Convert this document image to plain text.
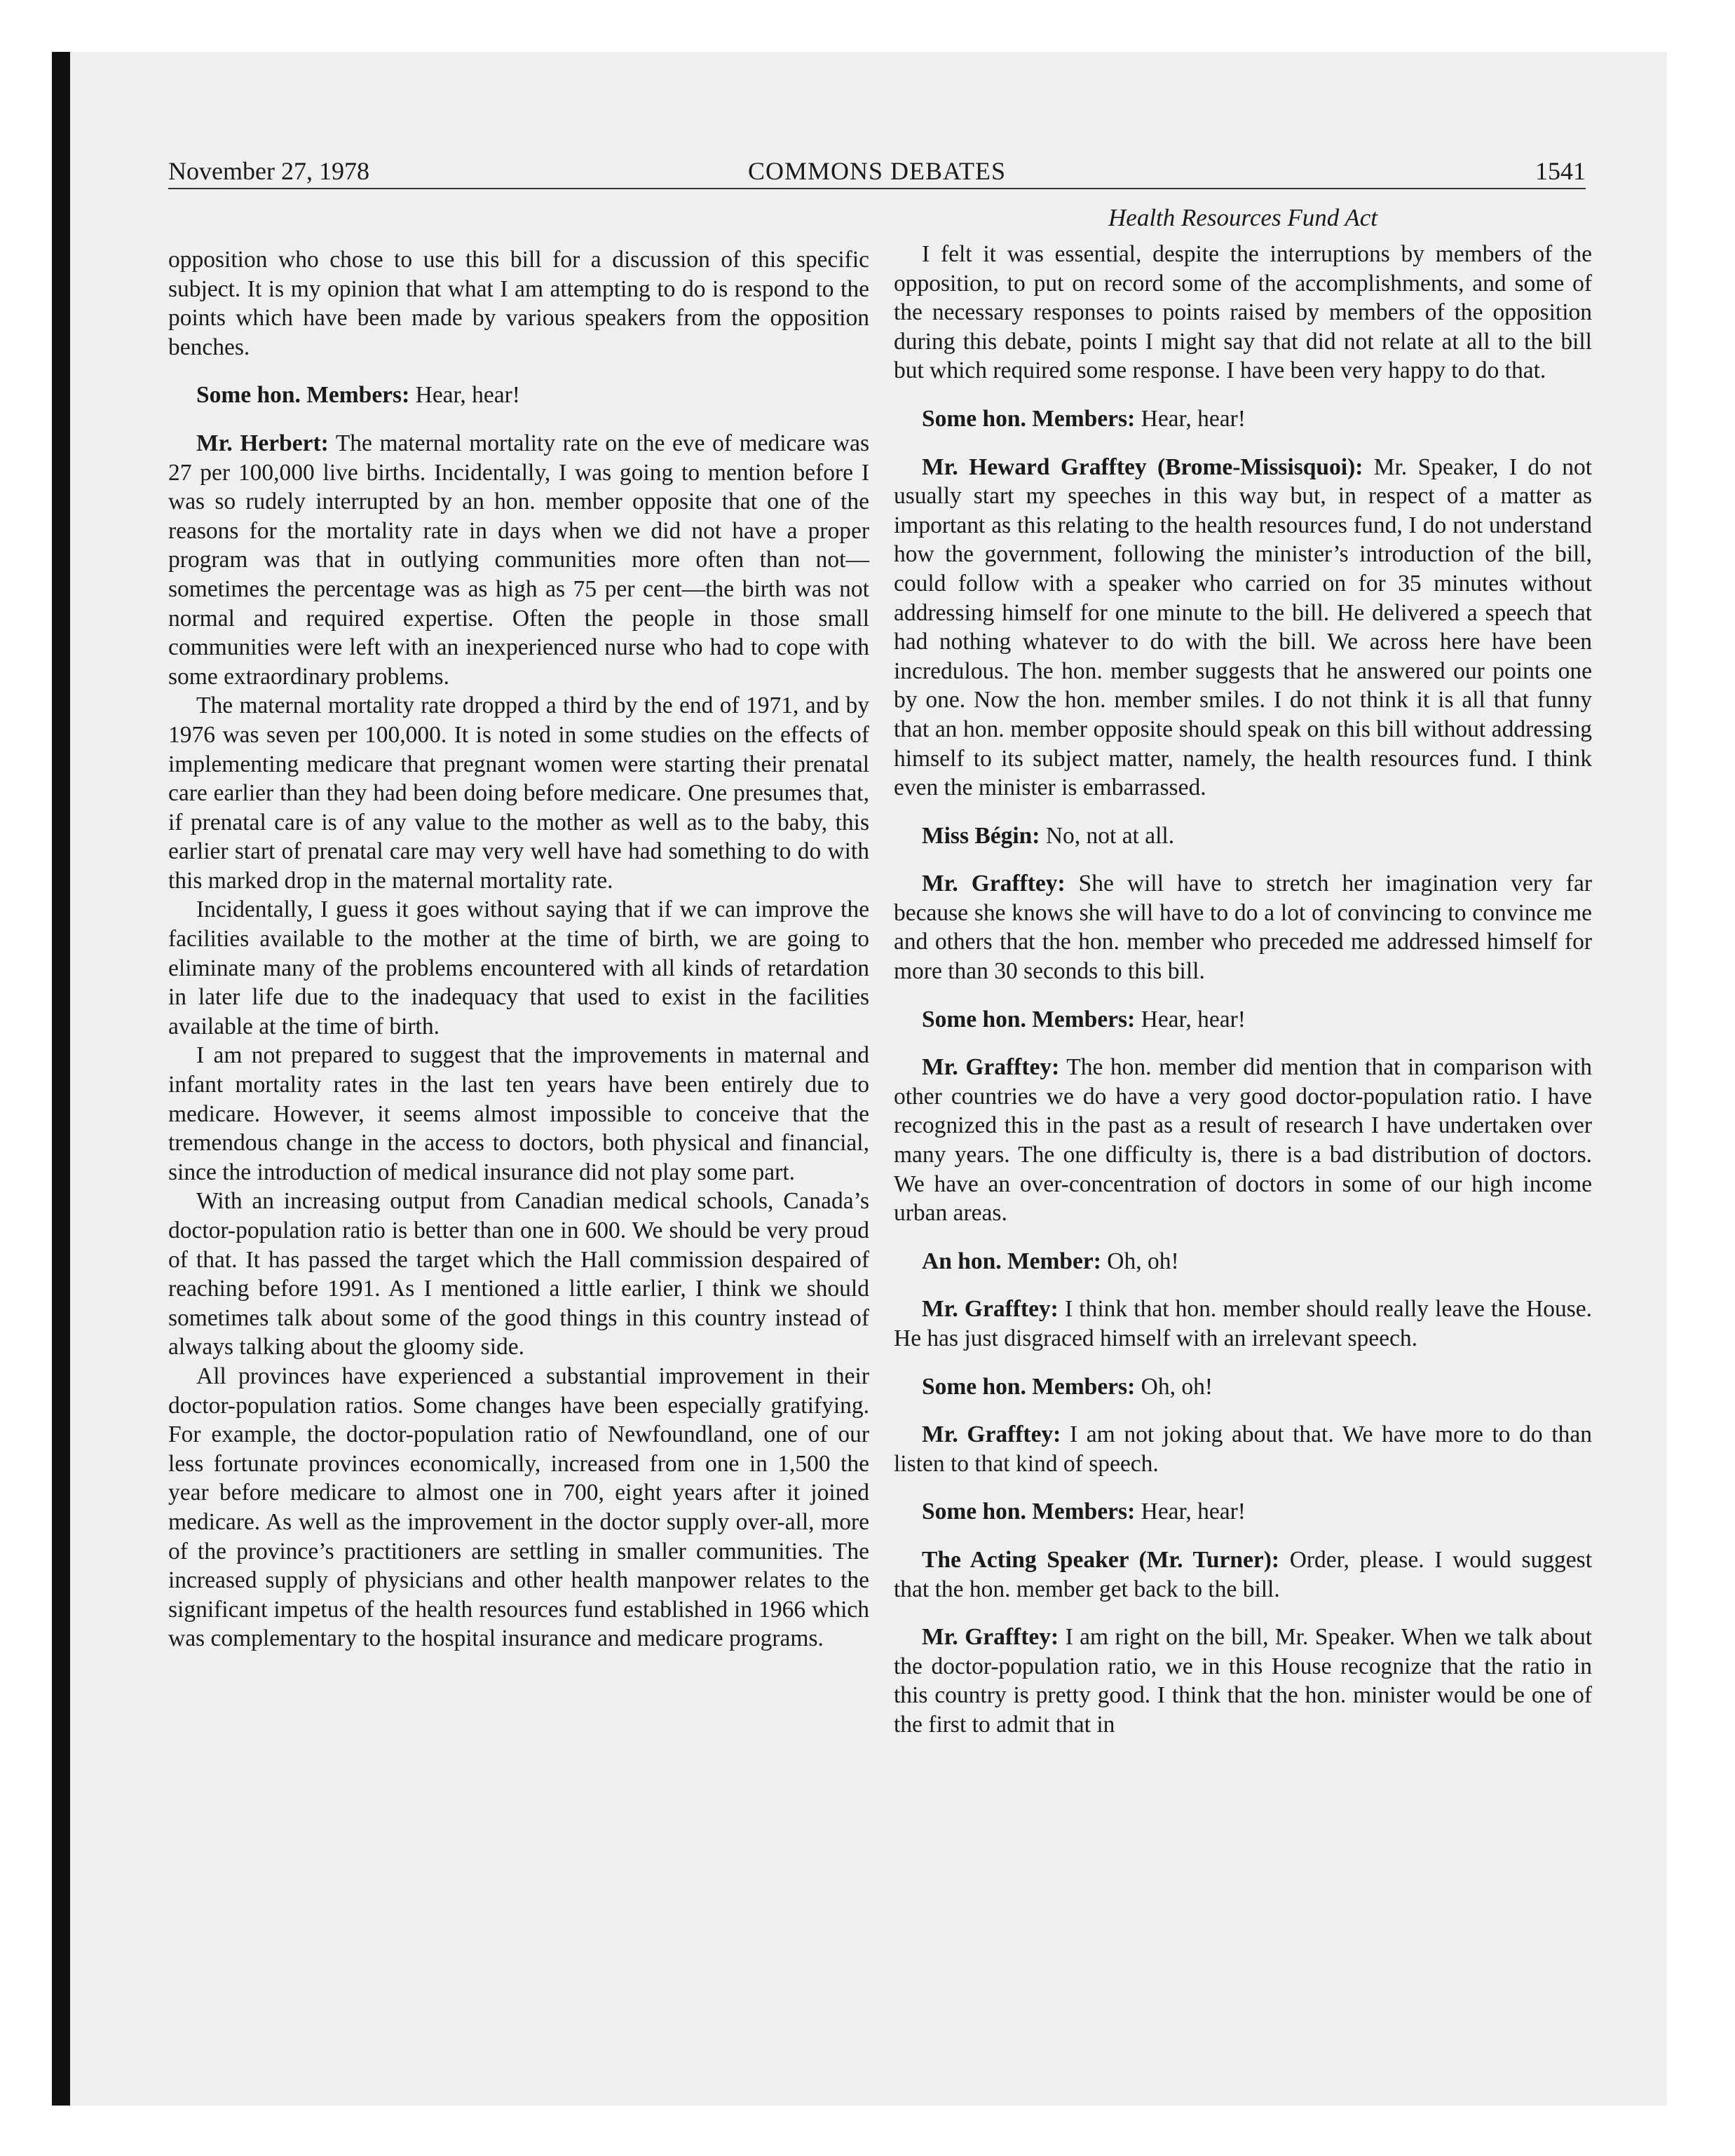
November 27, 1978	COMMONS DEBATES	1541

opposition who chose to use this bill for a discussion of this specific subject. It is my opinion that what I am attempting to do is respond to the points which have been made by various speakers from the opposition benches.

Some hon. Members: Hear, hear!

Mr. Herbert: The maternal mortality rate on the eve of medicare was 27 per 100,000 live births. Incidentally, I was going to mention before I was so rudely interrupted by an hon. member opposite that one of the reasons for the mortality rate in days when we did not have a proper program was that in outlying communities more often than not—sometimes the percentage was as high as 75 per cent—the birth was not normal and required expertise. Often the people in those small communities were left with an inexperienced nurse who had to cope with some extraordinary problems.

The maternal mortality rate dropped a third by the end of 1971, and by 1976 was seven per 100,000. It is noted in some studies on the effects of implementing medicare that pregnant women were starting their prenatal care earlier than they had been doing before medicare. One presumes that, if prenatal care is of any value to the mother as well as to the baby, this earlier start of prenatal care may very well have had something to do with this marked drop in the maternal mortality rate.

Incidentally, I guess it goes without saying that if we can improve the facilities available to the mother at the time of birth, we are going to eliminate many of the problems encountered with all kinds of retardation in later life due to the inadequacy that used to exist in the facilities available at the time of birth.

I am not prepared to suggest that the improvements in maternal and infant mortality rates in the last ten years have been entirely due to medicare. However, it seems almost impossible to conceive that the tremendous change in the access to doctors, both physical and financial, since the introduction of medical insurance did not play some part.

With an increasing output from Canadian medical schools, Canada’s doctor-population ratio is better than one in 600. We should be very proud of that. It has passed the target which the Hall commission despaired of reaching before 1991. As I mentioned a little earlier, I think we should sometimes talk about some of the good things in this country instead of always talking about the gloomy side.

All provinces have experienced a substantial improvement in their doctor-population ratios. Some changes have been especially gratifying. For example, the doctor-population ratio of Newfoundland, one of our less fortunate provinces economically, increased from one in 1,500 the year before medicare to almost one in 700, eight years after it joined medicare. As well as the improvement in the doctor supply over-all, more of the province’s practitioners are settling in smaller communities. The increased supply of physicians and other health manpower relates to the significant impetus of the health resources fund established in 1966 which was complementary to the hospital insurance and medicare programs.

Health Resources Fund Act

I felt it was essential, despite the interruptions by members of the opposition, to put on record some of the accomplishments, and some of the necessary responses to points raised by members of the opposition during this debate, points I might say that did not relate at all to the bill but which required some response. I have been very happy to do that.

Some hon. Members: Hear, hear!

Mr. Heward Grafftey (Brome-Missisquoi): Mr. Speaker, I do not usually start my speeches in this way but, in respect of a matter as important as this relating to the health resources fund, I do not understand how the government, following the minister’s introduction of the bill, could follow with a speaker who carried on for 35 minutes without addressing himself for one minute to the bill. He delivered a speech that had nothing whatever to do with the bill. We across here have been incredulous. The hon. member suggests that he answered our points one by one. Now the hon. member smiles. I do not think it is all that funny that an hon. member opposite should speak on this bill without addressing himself to its subject matter, namely, the health resources fund. I think even the minister is embarrassed.

Miss Bégin: No, not at all.

Mr. Grafftey: She will have to stretch her imagination very far because she knows she will have to do a lot of convincing to convince me and others that the hon. member who preceded me addressed himself for more than 30 seconds to this bill.

Some hon. Members: Hear, hear!

Mr. Grafftey: The hon. member did mention that in comparison with other countries we do have a very good doctor-population ratio. I have recognized this in the past as a result of research I have undertaken over many years. The one difficulty is, there is a bad distribution of doctors. We have an over-concentration of doctors in some of our high income urban areas.

An hon. Member: Oh, oh!

Mr. Grafftey: I think that hon. member should really leave the House. He has just disgraced himself with an irrelevant speech.

Some hon. Members: Oh, oh!

Mr. Grafftey: I am not joking about that. We have more to do than listen to that kind of speech.

Some hon. Members: Hear, hear!

The Acting Speaker (Mr. Turner): Order, please. I would suggest that the hon. member get back to the bill.

Mr. Grafftey: I am right on the bill, Mr. Speaker. When we talk about the doctor-population ratio, we in this House recognize that the ratio in this country is pretty good. I think that the hon. minister would be one of the first to admit that in
